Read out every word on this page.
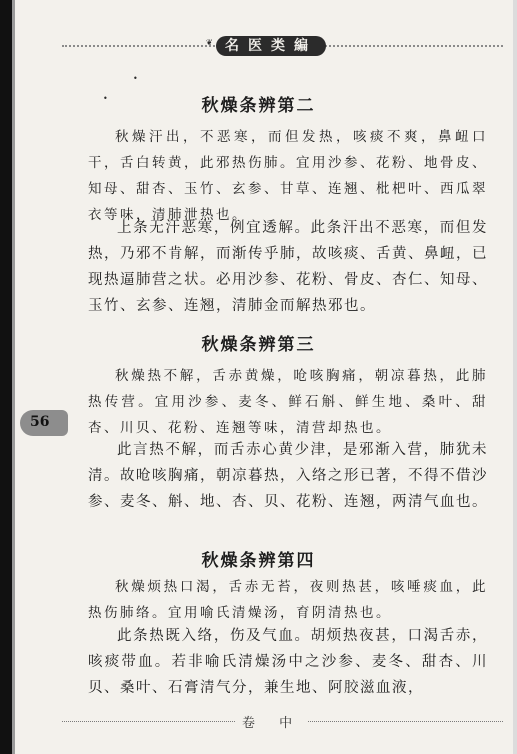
名医类編
❦
•
•	秋燥条辨第二

秋燥汗出，不恶寒，而但发热，咳痰不爽，鼻衄口干，舌白转黄，此邪热伤肺。宜用沙参、花粉、地骨皮、知母、甜杏、玉竹、玄参、甘草、连翘、枇杷叶、西瓜翠衣等味，清肺泄热也。

上条无汗恶寒，例宜透解。此条汗出不恶寒，而但发热，乃邪不肯解，而渐传乎肺，故咳痰、舌黄、鼻衄，已现热逼肺营之状。必用沙参、花粉、骨皮、杏仁、知母、玉竹、玄参、连翘，清肺金而解热邪也。

秋燥条辨第三

秋燥热不解，舌赤黄燥，呛咳胸痛，朝凉暮热，此肺热传营。宜用沙参、麦冬、鲜石斛、鲜生地、桑叶、甜杏、川贝、花粉、连翘等味，清营却热也。

此言热不解，而舌赤心黄少津，是邪渐入营，肺犹未清。故呛咳胸痛，朝凉暮热，入络之形已著，不得不借沙参、麦冬、斛、地、杏、贝、花粉、连翘，两清气血也。

秋燥条辨第四

秋燥烦热口渴，舌赤无苔，夜则热甚，咳唾痰血，此热伤肺络。宜用喻氏清燥汤，育阴清热也。

此条热既入络，伤及气血。胡烦热夜甚，口渴舌赤，咳痰带血。若非喻氏清燥汤中之沙参、麦冬、甜杏、川贝、桑叶、石膏清气分，兼生地、阿胶滋血液，

56
卷 中
